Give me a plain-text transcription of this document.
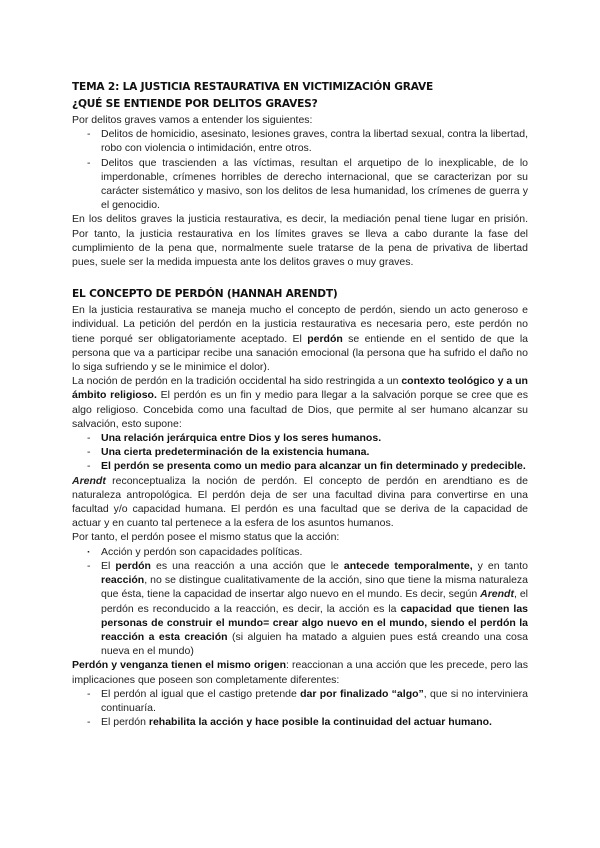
TEMA 2: LA JUSTICIA RESTAURATIVA EN VICTIMIZACIÓN GRAVE
¿QUÉ SE ENTIENDE POR DELITOS GRAVES?

Por delitos graves vamos a entender los siguientes:

- Delitos de homicidio, asesinato, lesiones graves, contra la libertad sexual, contra la libertad, robo con violencia o intimidación, entre otros.
- Delitos que trascienden a las víctimas, resultan el arquetipo de lo inexplicable, de lo imperdonable, crímenes horribles de derecho internacional, que se caracterizan por su carácter sistemático y masivo, son los delitos de lesa humanidad, los crímenes de guerra y el genocidio.

En los delitos graves la justicia restaurativa, es decir, la mediación penal tiene lugar en prisión. Por tanto, la justicia restaurativa en los límites graves se lleva a cabo durante la fase del cumplimiento de la pena que, normalmente suele tratarse de la pena de privativa de libertad pues, suele ser la medida impuesta ante los delitos graves o muy graves.

EL CONCEPTO DE PERDÓN (HANNAH ARENDT)

En la justicia restaurativa se maneja mucho el concepto de perdón, siendo un acto generoso e individual. La petición del perdón en la justicia restaurativa es necesaria pero, este perdón no tiene porqué ser obligatoriamente aceptado. El perdón se entiende en el sentido de que la persona que va a participar recibe una sanación emocional (la persona que ha sufrido el daño no lo siga sufriendo y se le minimice el dolor).

La noción de perdón en la tradición occidental ha sido restringida a un contexto teológico y a un ámbito religioso. El perdón es un fin y medio para llegar a la salvación porque se cree que es algo religioso. Concebida como una facultad de Dios, que permite al ser humano alcanzar su salvación, esto supone:

- Una relación jerárquica entre Dios y los seres humanos.
- Una cierta predeterminación de la existencia humana.
- El perdón se presenta como un medio para alcanzar un fin determinado y predecible.

Arendt reconceptualiza la noción de perdón. El concepto de perdón en arendtiano es de naturaleza antropológica. El perdón deja de ser una facultad divina para convertirse en una facultad y/o capacidad humana. El perdón es una facultad que se deriva de la capacidad de actuar y en cuanto tal pertenece a la esfera de los asuntos humanos.

Por tanto, el perdón posee el mismo status que la acción:

· Acción y perdón son capacidades políticas.
- El perdón es una reacción a una acción que le antecede temporalmente, y en tanto reacción, no se distingue cualitativamente de la acción, sino que tiene la misma naturaleza que ésta, tiene la capacidad de insertar algo nuevo en el mundo. Es decir, según Arendt, el perdón es reconducido a la reacción, es decir, la acción es la capacidad que tienen las personas de construir el mundo= crear algo nuevo en el mundo, siendo el perdón la reacción a esta creación (si alguien ha matado a alguien pues está creando una cosa nueva en el mundo)

Perdón y venganza tienen el mismo origen: reaccionan a una acción que les precede, pero las implicaciones que poseen son completamente diferentes:

- El perdón al igual que el castigo pretende dar por finalizado “algo”, que si no interviniera continuaría.
- El perdón rehabilita la acción y hace posible la continuidad del actuar humano.
